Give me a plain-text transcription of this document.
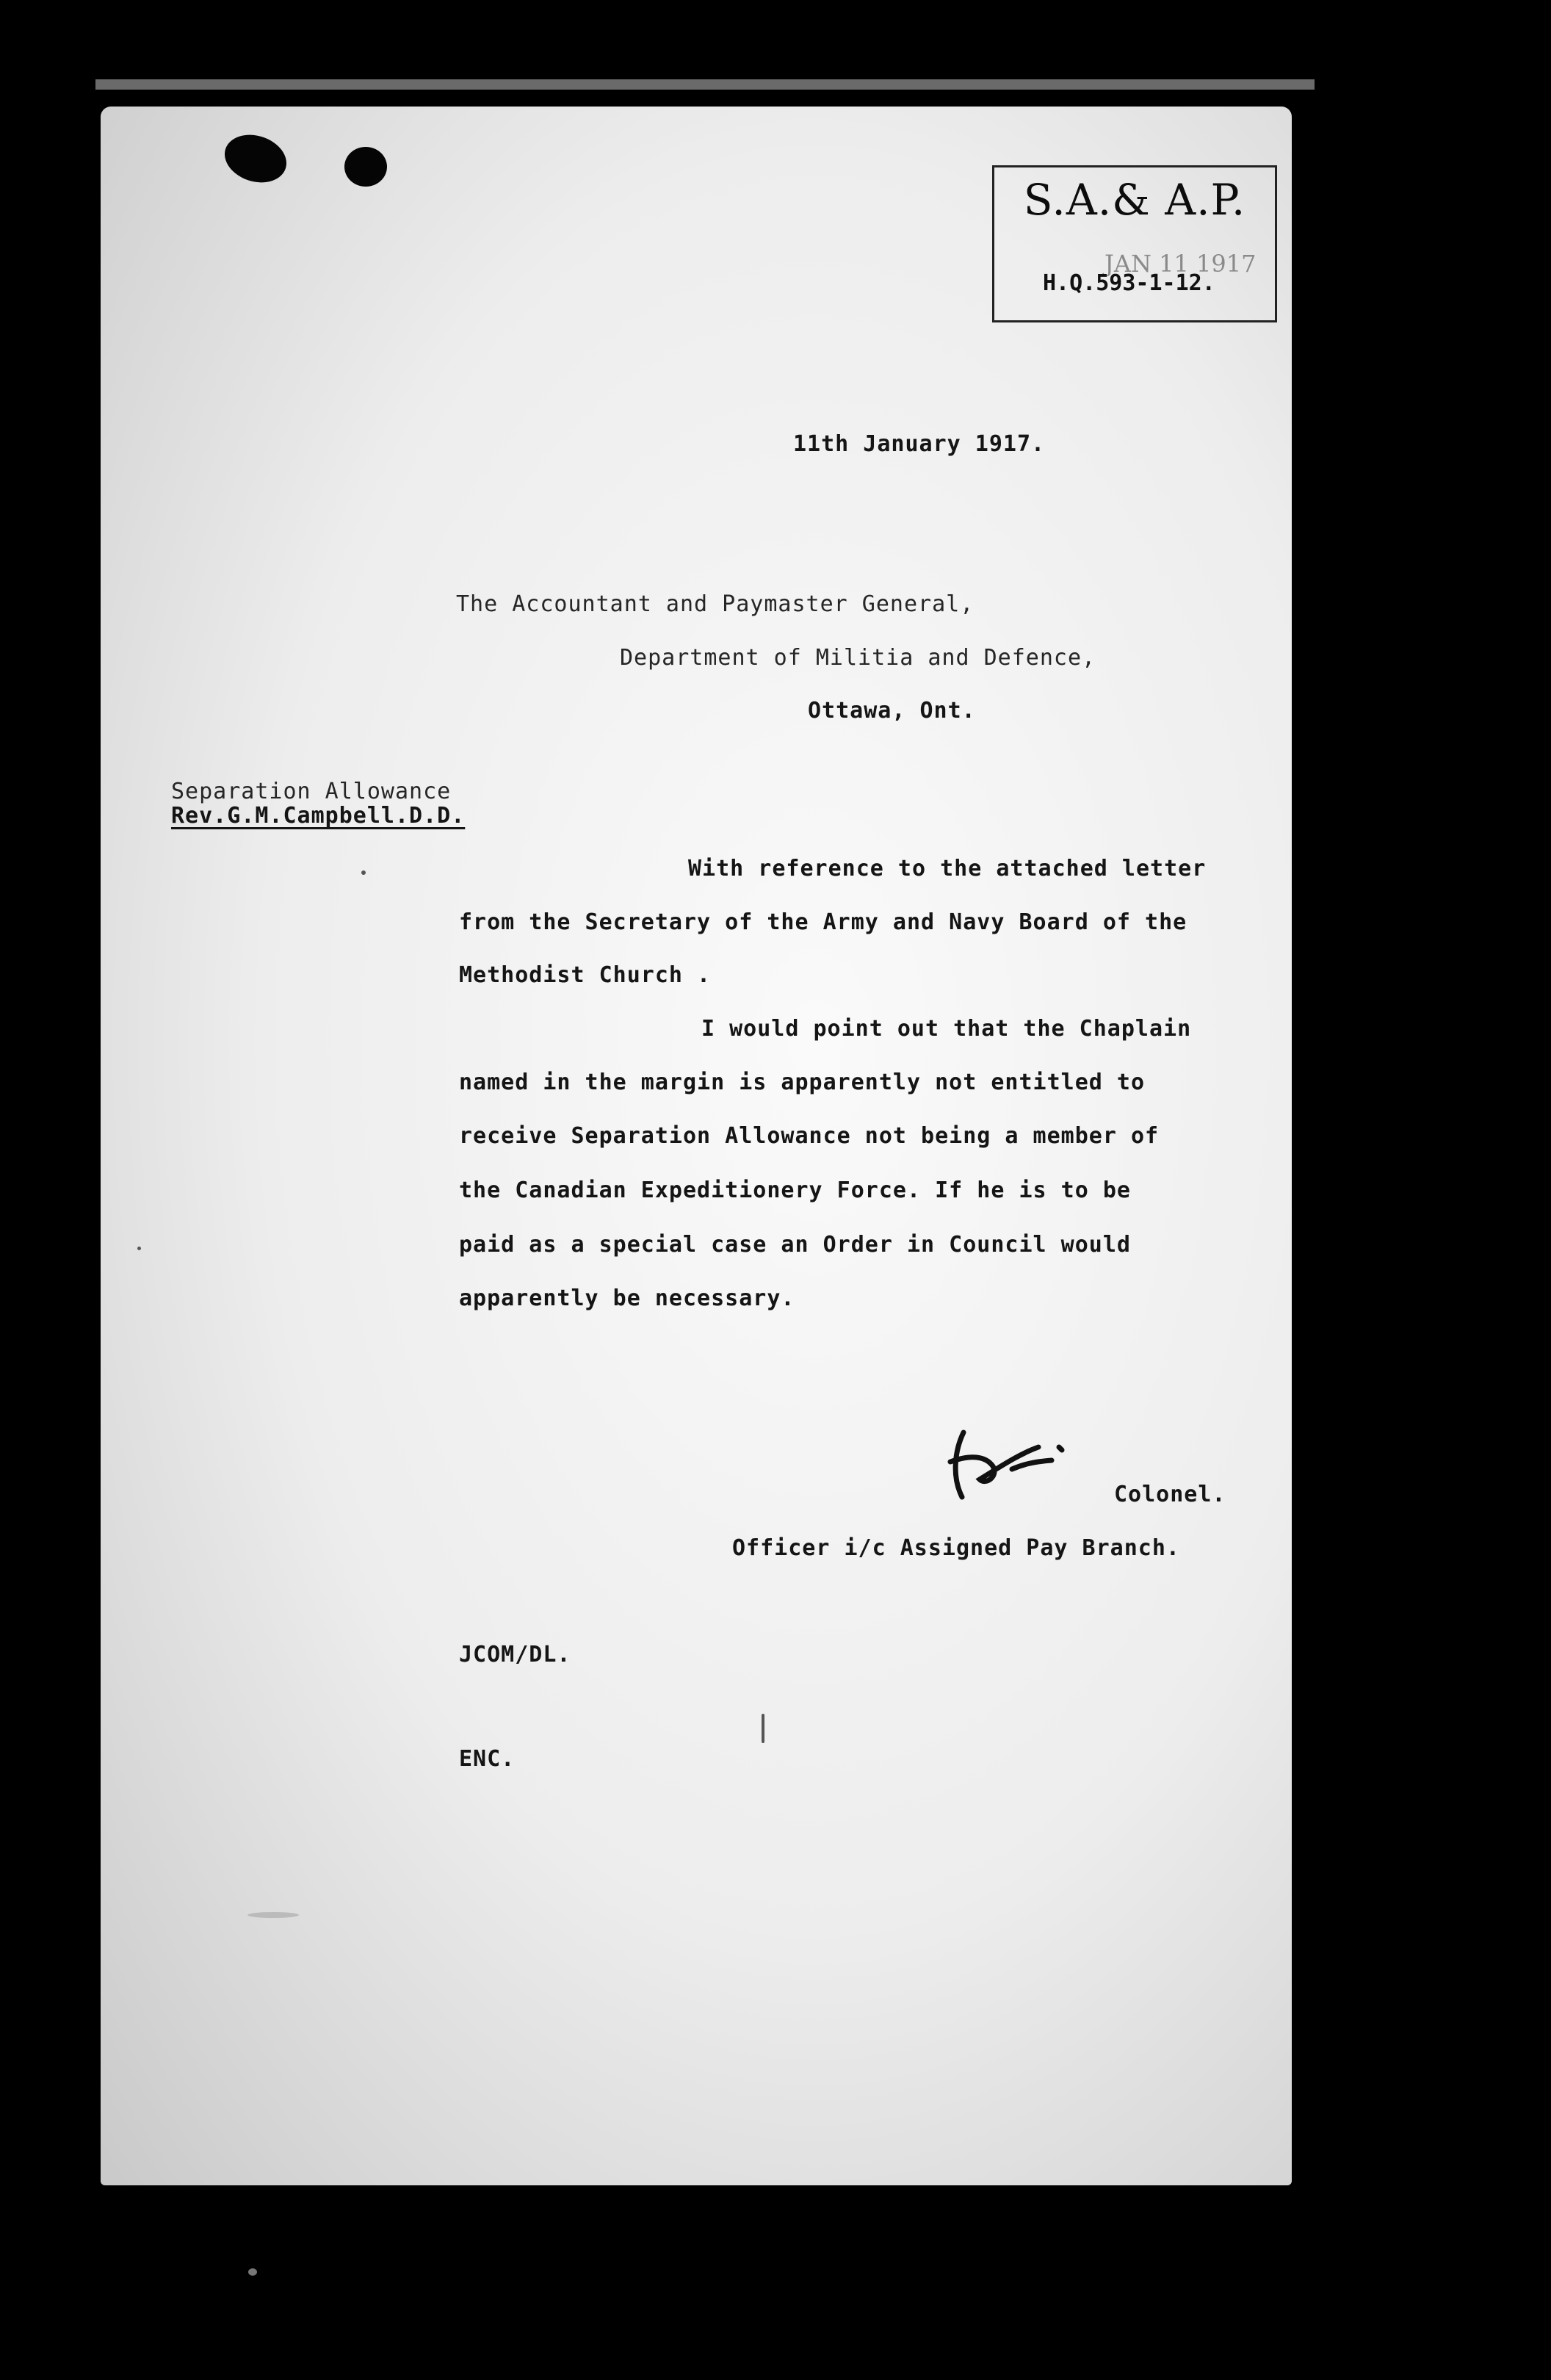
S.A.& A.P.
JAN 11 1917
H.Q.593-1-12.
11th January 1917.
The Accountant and Paymaster General,
Department of Militia and Defence,
Ottawa, Ont.
Separation Allowance
Rev.G.M.Campbell.D.D.
With reference to the attached letter
from the Secretary of the Army and Navy Board of the
Methodist Church .
I would point out that the Chaplain
named in the margin is apparently not entitled to
receive Separation Allowance not being a member of
the Canadian Expeditionery Force. If he is to be
paid as a special case an Order in Council would
apparently be necessary.
Colonel.
Officer i/c Assigned Pay Branch.
JCOM/DL.
ENC.
